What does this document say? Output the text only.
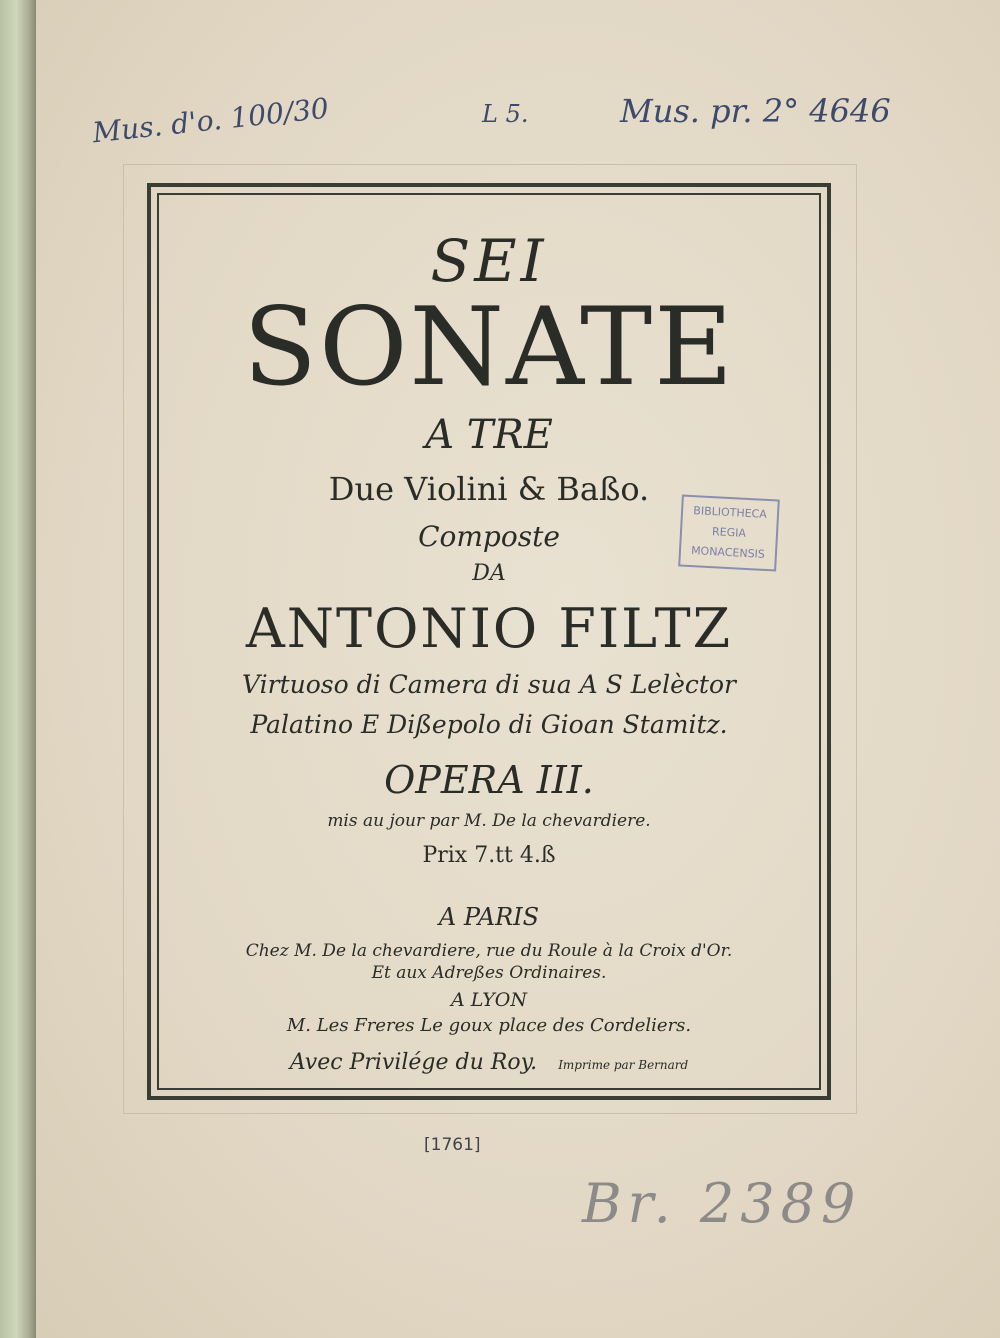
Mus. d'o. 100/30	L 5.	Mus. pr. 2° 4646

SEI

SONATE

A TRE

Due Violini & Baßo.

Composte

DA

ANTONIO FILTZ

Virtuoso di Camera di sua A S Lelèctor

Palatino E Dißepolo di Gioan Stamitz.

OPERA III.

mis au jour par M. De la chevardiere.

Prix 7.tt 4.ß

A PARIS

Chez M. De la chevardiere, rue du Roule à la Croix d'Or.

Et aux Adreßes Ordinaires.

A LYON

M. Les Freres Le goux place des Cordeliers.

Avec Privilége du Roy. Imprime par Bernard
BIBLIOTHECA
REGIA
MONACENSIS
[1761]
Br. 2389
